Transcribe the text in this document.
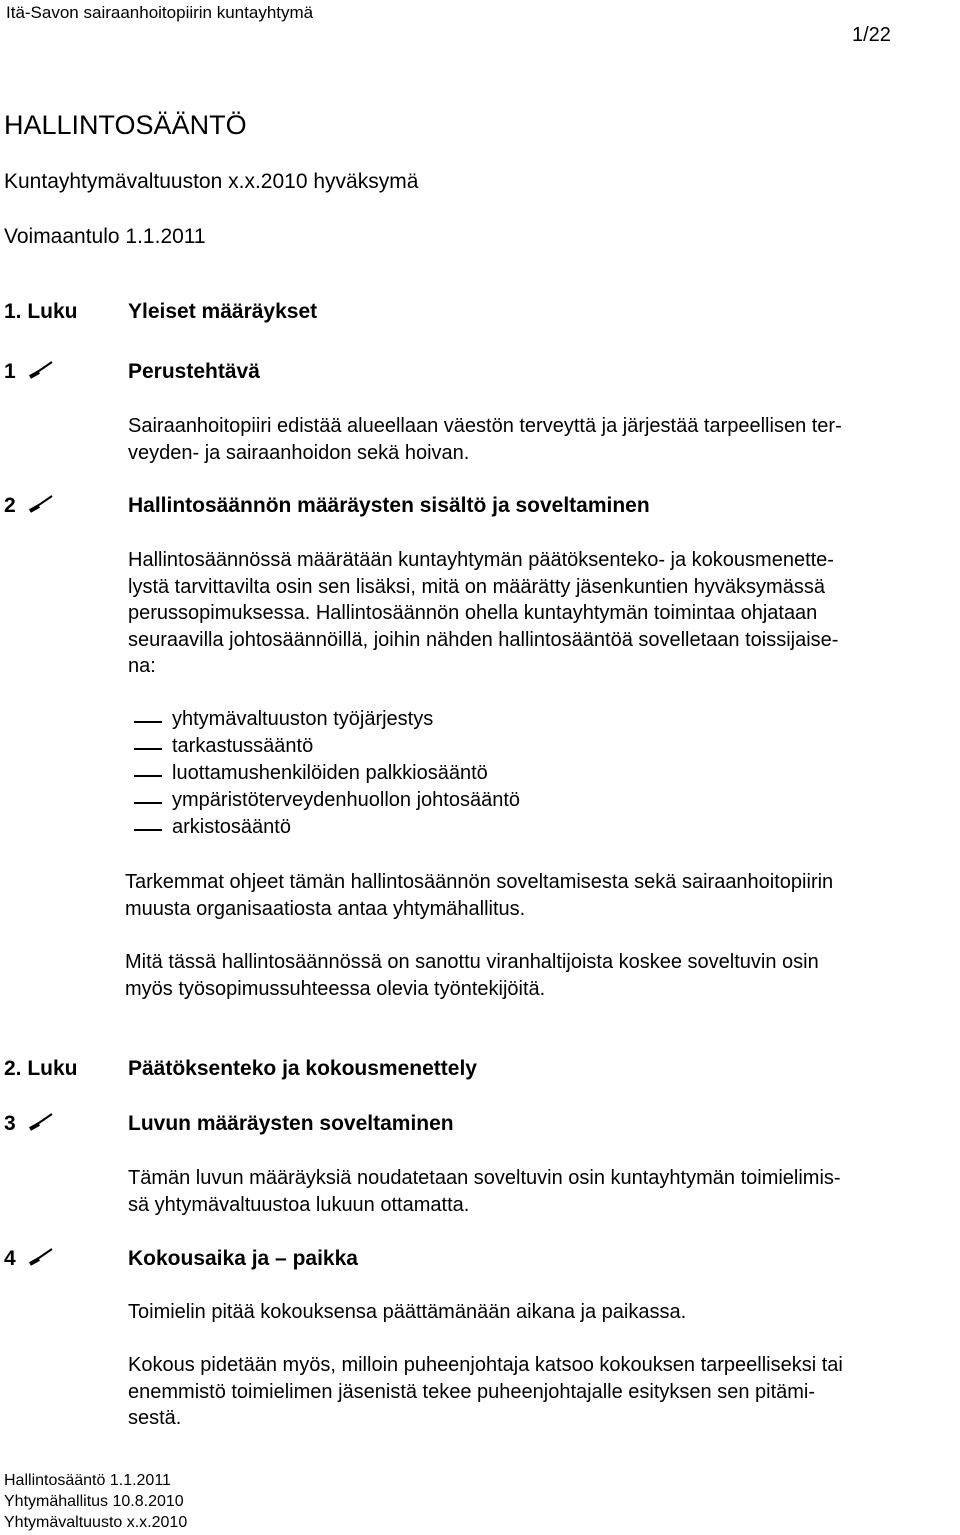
Itä-Savon sairaanhoitopiirin kuntayhtymä
1/22
HALLINTOSÄÄNTÖ
Kuntayhtymävaltuuston x.x.2010 hyväksymä
Voimaantulo 1.1.2011
1. Luku Yleiset määräykset
1	Perustehtävä
Sairaanhoitopiiri edistää alueellaan väestön terveyttä ja järjestää tarpeellisen ter-
veyden- ja sairaanhoidon sekä hoivan.
2	Hallintosäännön määräysten sisältö ja soveltaminen
Hallintosäännössä määrätään kuntayhtymän päätöksenteko- ja kokousmenette-
lystä tarvittavilta osin sen lisäksi, mitä on määrätty jäsenkuntien hyväksymässä
perussopimuksessa. Hallintosäännön ohella kuntayhtymän toimintaa ohjataan
seuraavilla johtosäännöillä, joihin nähden hallintosääntöä sovelletaan toissijaise-
na:
yhtymävaltuuston työjärjestys
tarkastussääntö
luottamushenkilöiden palkkiosääntö
ympäristöterveydenhuollon johtosääntö
arkistosääntö
Tarkemmat ohjeet tämän hallintosäännön soveltamisesta sekä sairaanhoitopiirin
muusta organisaatiosta antaa yhtymähallitus.
Mitä tässä hallintosäännössä on sanottu viranhaltijoista koskee soveltuvin osin
myös työsopimussuhteessa olevia työntekijöitä.
2. Luku Päätöksenteko ja kokousmenettely
3	Luvun määräysten soveltaminen
Tämän luvun määräyksiä noudatetaan soveltuvin osin kuntayhtymän toimielimis-
sä yhtymävaltuustoa lukuun ottamatta.
4	Kokousaika ja – paikka
Toimielin pitää kokouksensa päättämänään aikana ja paikassa.
Kokous pidetään myös, milloin puheenjohtaja katsoo kokouksen tarpeelliseksi tai
enemmistö toimielimen jäsenistä tekee puheenjohtajalle esityksen sen pitämi-
sestä.
Hallintosääntö 1.1.2011
Yhtymähallitus 10.8.2010
Yhtymävaltuusto x.x.2010
